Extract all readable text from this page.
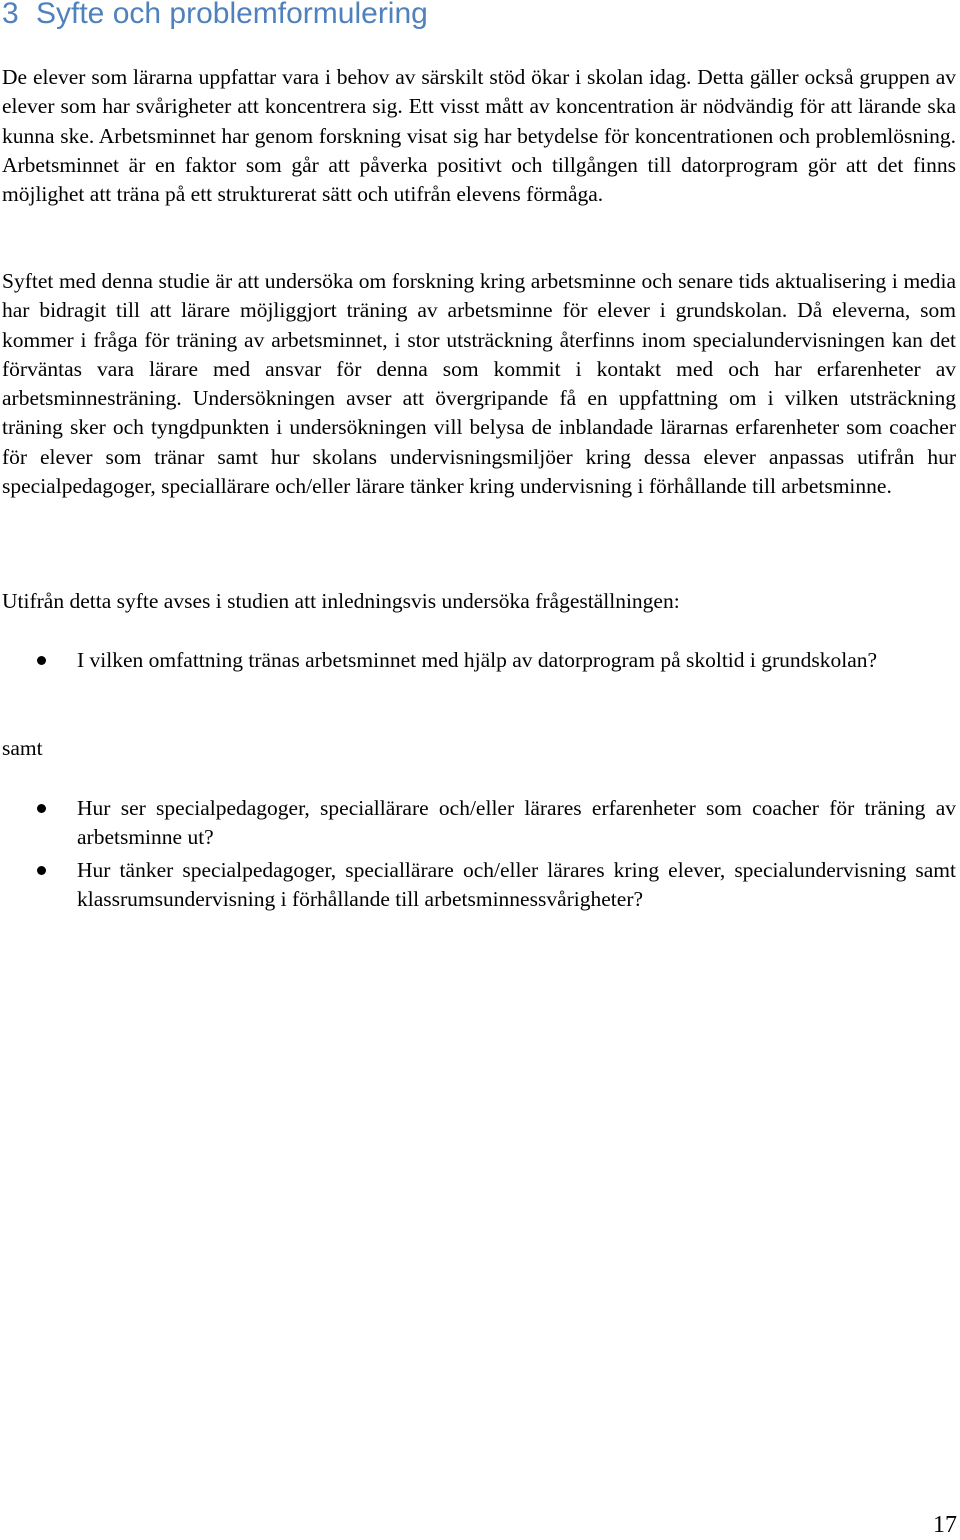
3 Syfte och problemformulering

De elever som lärarna uppfattar vara i behov av särskilt stöd ökar i skolan idag. Detta gäller också gruppen av elever som har svårigheter att koncentrera sig. Ett visst mått av koncentration är nödvändig för att lärande ska kunna ske. Arbetsminnet har genom forskning visat sig har betydelse för koncentrationen och problemlösning. Arbetsminnet är en faktor som går att påverka positivt och tillgången till datorprogram gör att det finns möjlighet att träna på ett strukturerat sätt och utifrån elevens förmåga.

Syftet med denna studie är att undersöka om forskning kring arbetsminne och senare tids aktualisering i media har bidragit till att lärare möjliggjort träning av arbetsminne för elever i grundskolan. Då eleverna, som kommer i fråga för träning av arbetsminnet, i stor utsträckning återfinns inom specialundervisningen kan det förväntas vara lärare med ansvar för denna som kommit i kontakt med och har erfarenheter av arbetsminnesträning. Undersökningen avser att övergripande få en uppfattning om i vilken utsträckning träning sker och tyngdpunkten i undersökningen vill belysa de inblandade lärarnas erfarenheter som coacher för elever som tränar samt hur skolans undervisningsmiljöer kring dessa elever anpassas utifrån hur specialpedagoger, speciallärare och/eller lärare tänker kring undervisning i förhållande till arbetsminne.

Utifrån detta syfte avses i studien att inledningsvis undersöka frågeställningen:

I vilken omfattning tränas arbetsminnet med hjälp av datorprogram på skoltid i grundskolan?

samt

Hur ser specialpedagoger, speciallärare och/eller lärares erfarenheter som coacher för träning av arbetsminne ut?
Hur tänker specialpedagoger, speciallärare och/eller lärares kring elever, specialundervisning samt klassrumsundervisning i förhållande till arbetsminnessvårigheter?
17
